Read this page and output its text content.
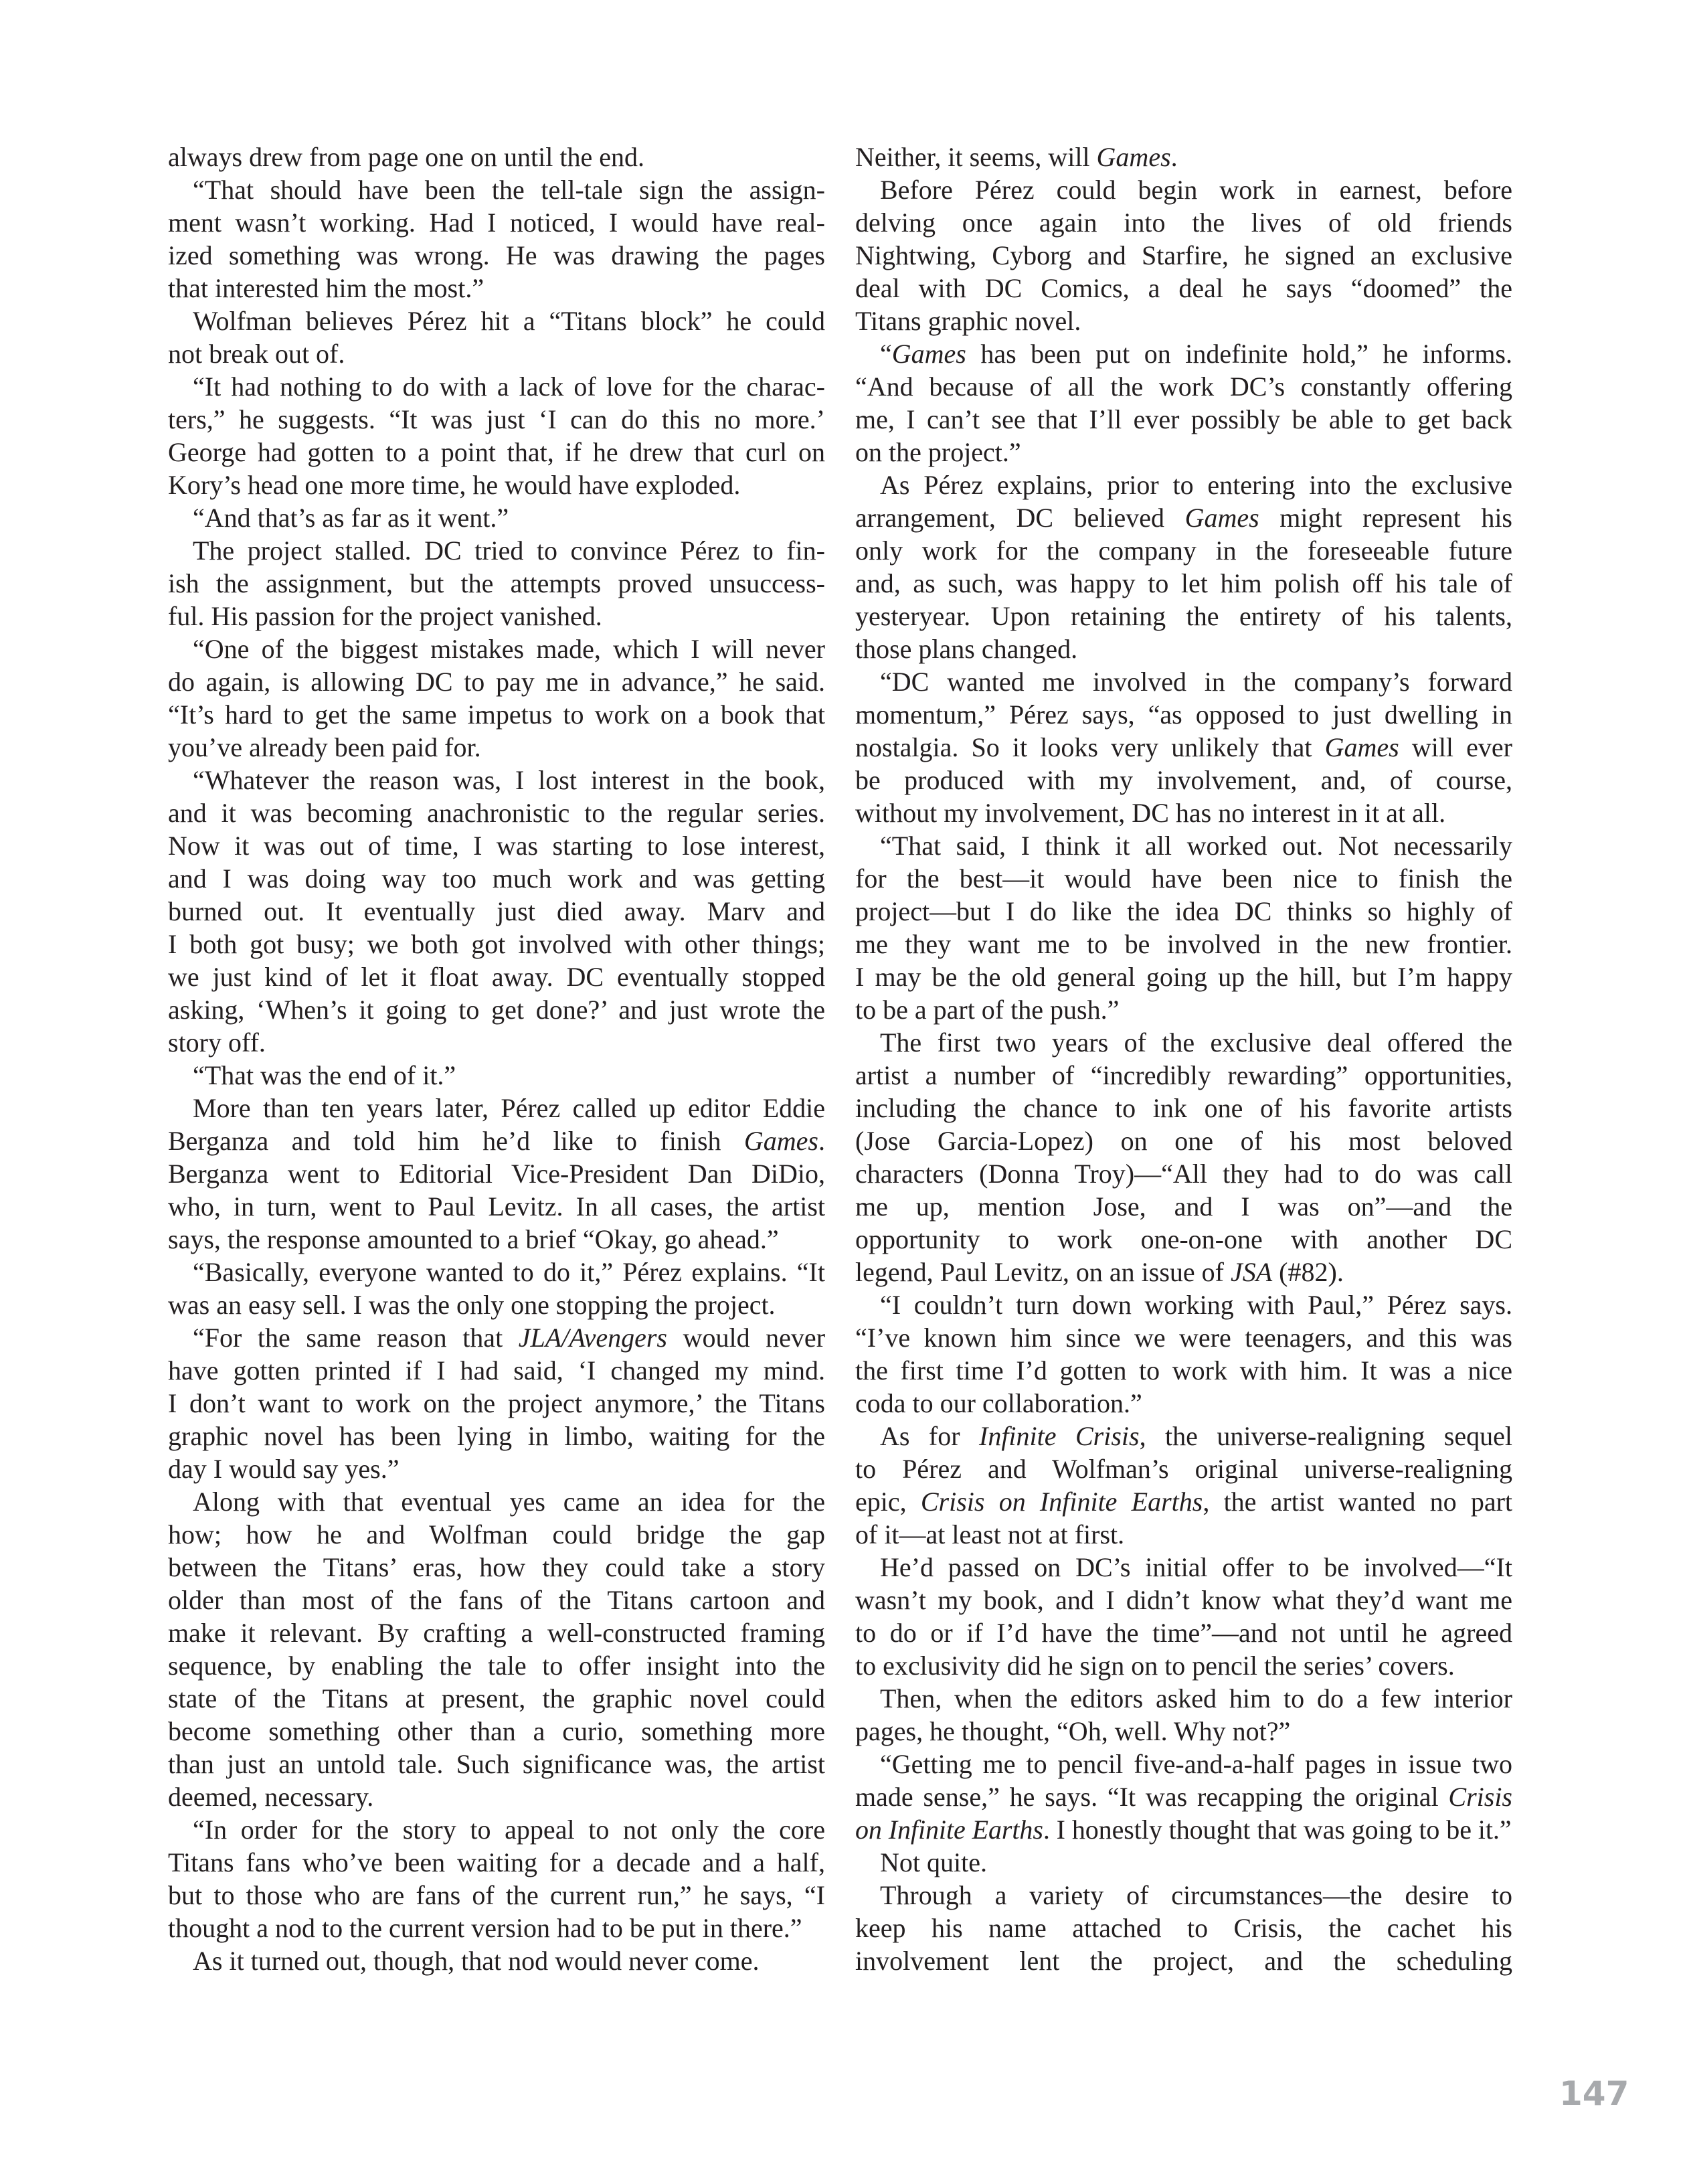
always drew from page one on until the end.
“That should have been the tell-tale sign the assign-
ment wasn’t working. Had I noticed, I would have real-
ized something was wrong. He was drawing the pages
that interested him the most.”
Wolfman believes Pérez hit a “Titans block” he could
not break out of.
“It had nothing to do with a lack of love for the charac-
ters,” he suggests. “It was just ‘I can do this no more.’
George had gotten to a point that, if he drew that curl on
Kory’s head one more time, he would have exploded.
“And that’s as far as it went.”
The project stalled. DC tried to convince Pérez to fin-
ish the assignment, but the attempts proved unsuccess-
ful. His passion for the project vanished.
“One of the biggest mistakes made, which I will never
do again, is allowing DC to pay me in advance,” he said.
“It’s hard to get the same impetus to work on a book that
you’ve already been paid for.
“Whatever the reason was, I lost interest in the book,
and it was becoming anachronistic to the regular series.
Now it was out of time, I was starting to lose interest,
and I was doing way too much work and was getting
burned out. It eventually just died away. Marv and
I both got busy; we both got involved with other things;
we just kind of let it float away. DC eventually stopped
asking, ‘When’s it going to get done?’ and just wrote the
story off.
“That was the end of it.”
More than ten years later, Pérez called up editor Eddie
Berganza and told him he’d like to finish Games.
Berganza went to Editorial Vice-President Dan DiDio,
who, in turn, went to Paul Levitz. In all cases, the artist
says, the response amounted to a brief “Okay, go ahead.”
“Basically, everyone wanted to do it,” Pérez explains. “It
was an easy sell. I was the only one stopping the project.
“For the same reason that JLA/Avengers would never
have gotten printed if I had said, ‘I changed my mind.
I don’t want to work on the project anymore,’ the Titans
graphic novel has been lying in limbo, waiting for the
day I would say yes.”
Along with that eventual yes came an idea for the
how; how he and Wolfman could bridge the gap
between the Titans’ eras, how they could take a story
older than most of the fans of the Titans cartoon and
make it relevant. By crafting a well-constructed framing
sequence, by enabling the tale to offer insight into the
state of the Titans at present, the graphic novel could
become something other than a curio, something more
than just an untold tale. Such significance was, the artist
deemed, necessary.
“In order for the story to appeal to not only the core
Titans fans who’ve been waiting for a decade and a half,
but to those who are fans of the current run,” he says, “I
thought a nod to the current version had to be put in there.”
As it turned out, though, that nod would never come.
Neither, it seems, will Games.
Before Pérez could begin work in earnest, before
delving once again into the lives of old friends
Nightwing, Cyborg and Starfire, he signed an exclusive
deal with DC Comics, a deal he says “doomed” the
Titans graphic novel.
“Games has been put on indefinite hold,” he informs.
“And because of all the work DC’s constantly offering
me, I can’t see that I’ll ever possibly be able to get back
on the project.”
As Pérez explains, prior to entering into the exclusive
arrangement, DC believed Games might represent his
only work for the company in the foreseeable future
and, as such, was happy to let him polish off his tale of
yesteryear. Upon retaining the entirety of his talents,
those plans changed.
“DC wanted me involved in the company’s forward
momentum,” Pérez says, “as opposed to just dwelling in
nostalgia. So it looks very unlikely that Games will ever
be produced with my involvement, and, of course,
without my involvement, DC has no interest in it at all.
“That said, I think it all worked out. Not necessarily
for the best—it would have been nice to finish the
project—but I do like the idea DC thinks so highly of
me they want me to be involved in the new frontier.
I may be the old general going up the hill, but I’m happy
to be a part of the push.”
The first two years of the exclusive deal offered the
artist a number of “incredibly rewarding” opportunities,
including the chance to ink one of his favorite artists
(Jose Garcia-Lopez) on one of his most beloved
characters (Donna Troy)—“All they had to do was call
me up, mention Jose, and I was on”—and the
opportunity to work one-on-one with another DC
legend, Paul Levitz, on an issue of JSA (#82).
“I couldn’t turn down working with Paul,” Pérez says.
“I’ve known him since we were teenagers, and this was
the first time I’d gotten to work with him. It was a nice
coda to our collaboration.”
As for Infinite Crisis, the universe-realigning sequel
to Pérez and Wolfman’s original universe-realigning
epic, Crisis on Infinite Earths, the artist wanted no part
of it—at least not at first.
He’d passed on DC’s initial offer to be involved—“It
wasn’t my book, and I didn’t know what they’d want me
to do or if I’d have the time”—and not until he agreed
to exclusivity did he sign on to pencil the series’ covers.
Then, when the editors asked him to do a few interior
pages, he thought, “Oh, well. Why not?”
“Getting me to pencil five-and-a-half pages in issue two
made sense,” he says. “It was recapping the original Crisis
on Infinite Earths. I honestly thought that was going to be it.”
Not quite.
Through a variety of circumstances—the desire to
keep his name attached to Crisis, the cachet his
involvement lent the project, and the scheduling
147
